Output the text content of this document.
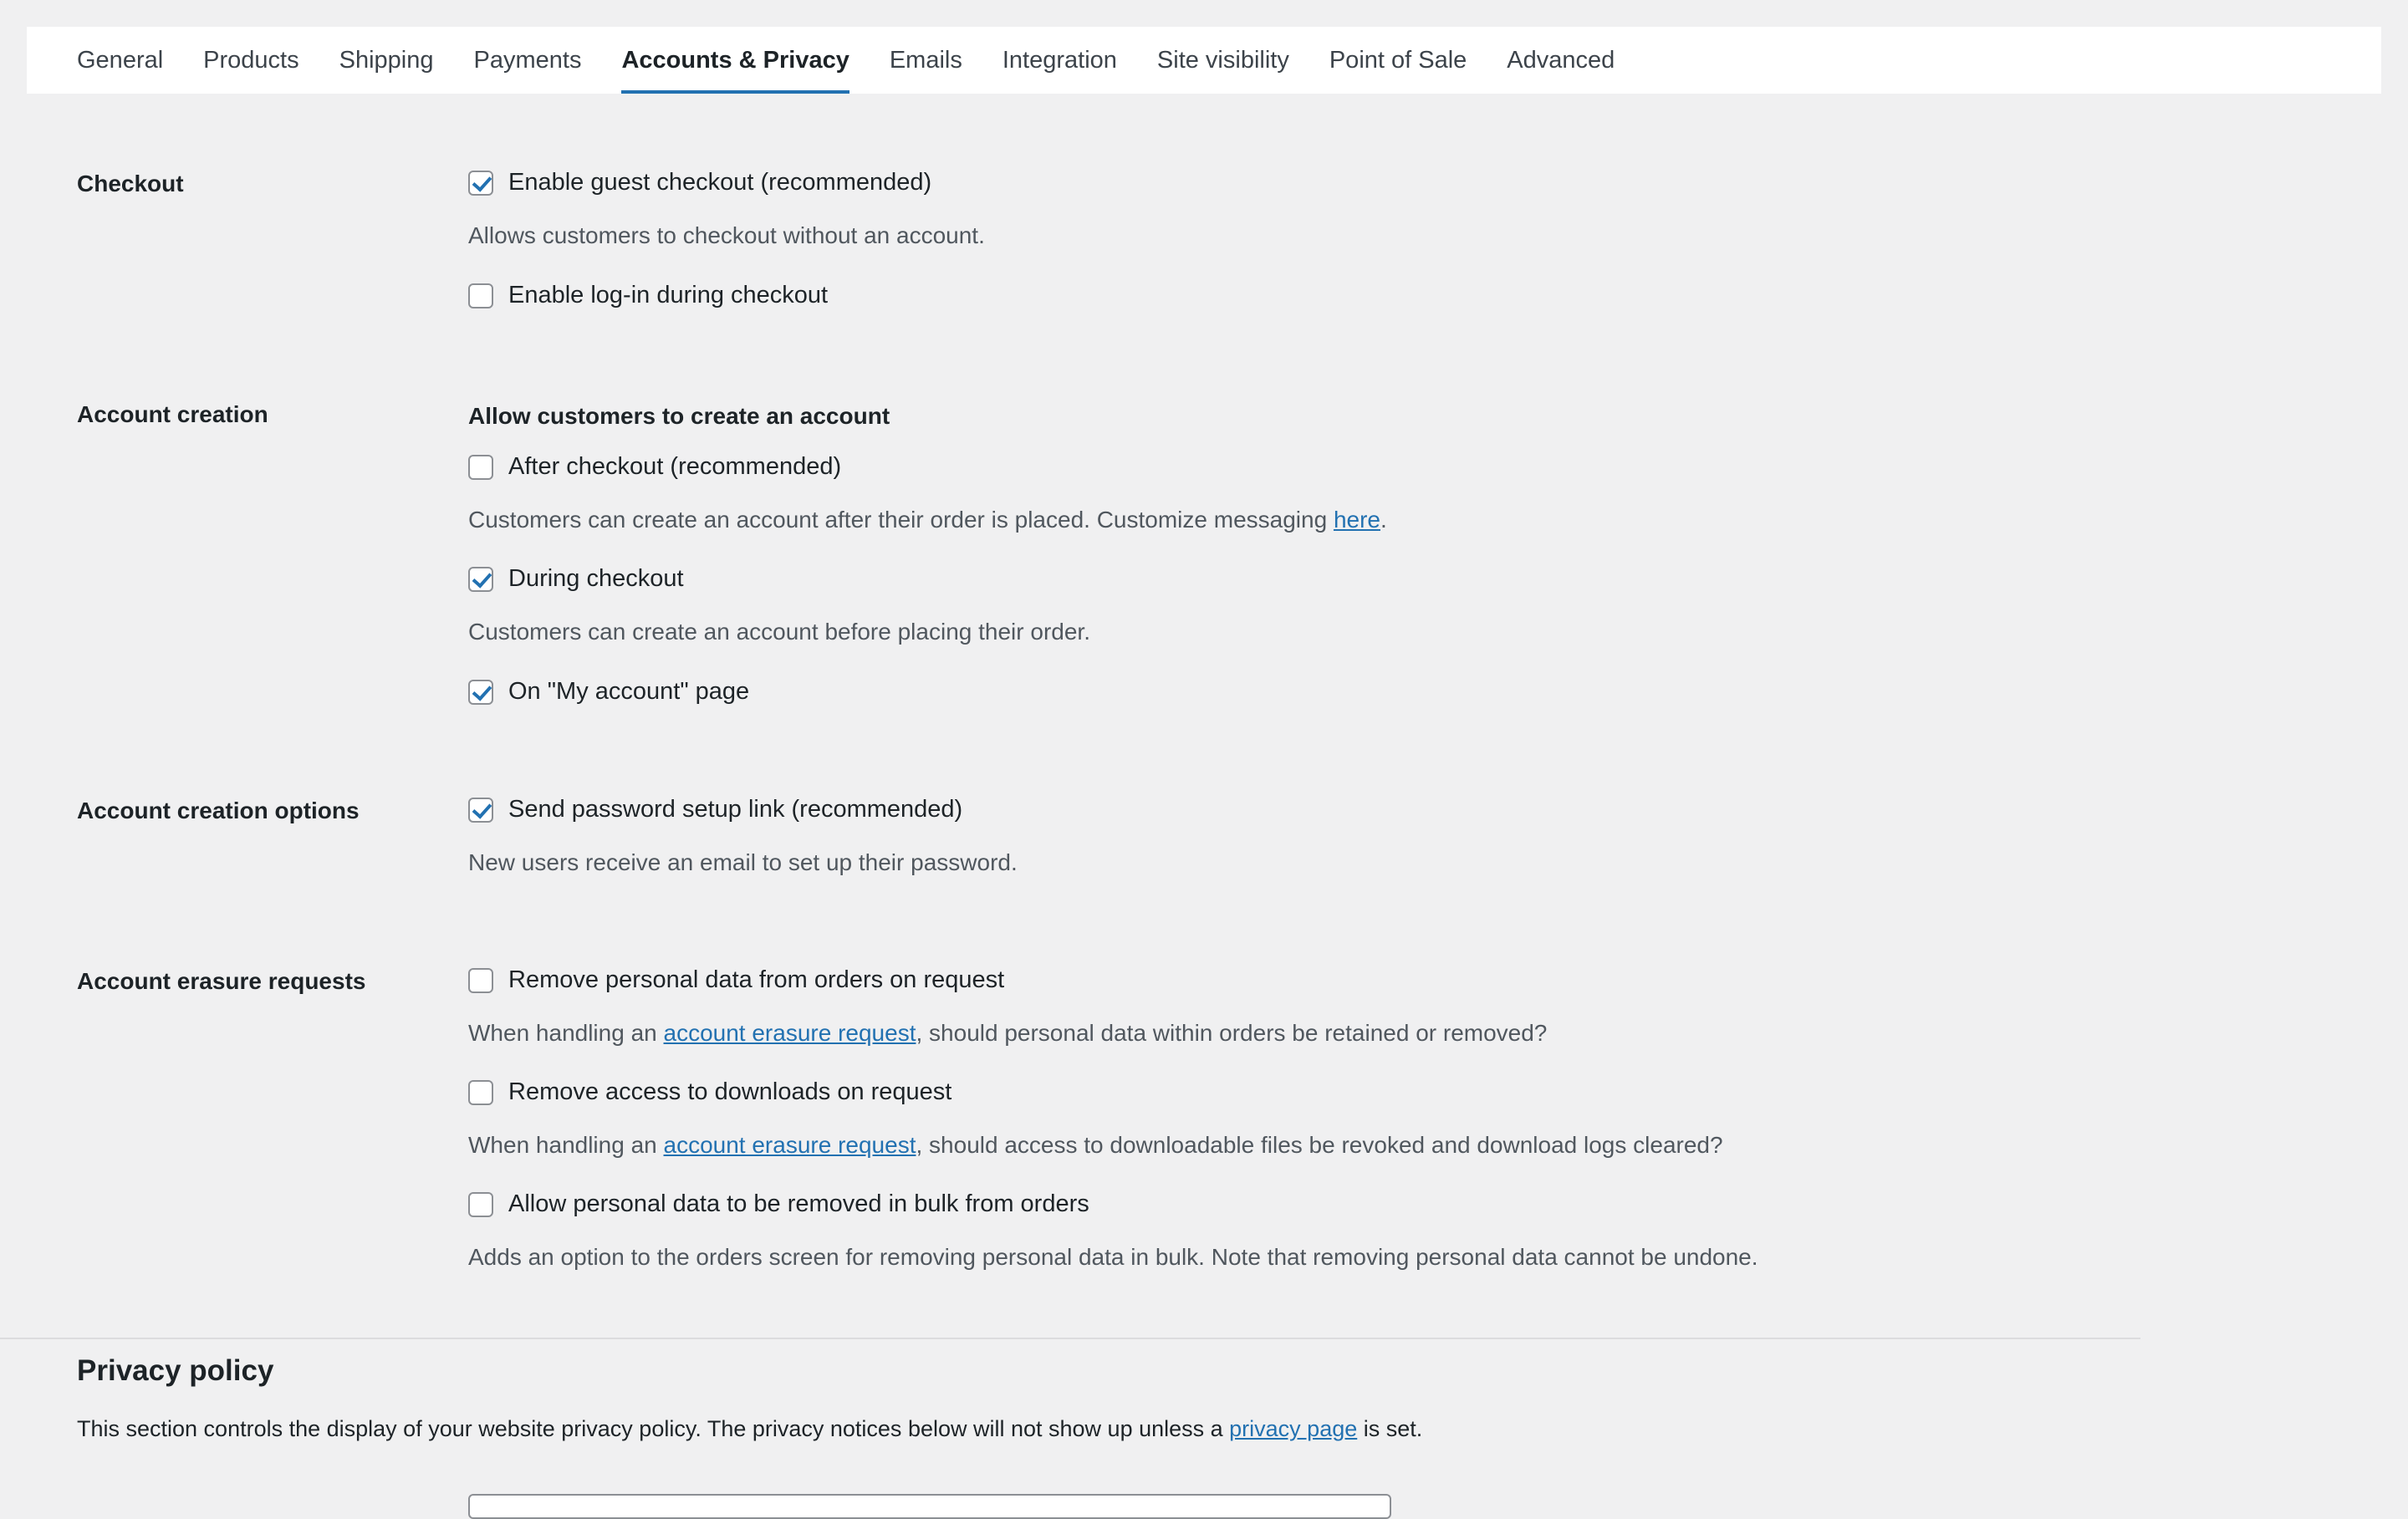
General Products Shipping Payments Accounts & Privacy Emails Integration Site visibility Point of Sale Advanced
Checkout	Enable guest checkout (recommended)
Allows customers to checkout without an account.
Enable log-in during checkout
Account creation	Allow customers to create an account
After checkout (recommended)
Customers can create an account after their order is placed. Customize messaging here.
During checkout
Customers can create an account before placing their order.
On "My account" page
Account creation options	Send password setup link (recommended)
New users receive an email to set up their password.
Account erasure requests	Remove personal data from orders on request
When handling an account erasure request, should personal data within orders be retained or removed?
Remove access to downloads on request
When handling an account erasure request, should access to downloadable files be revoked and download logs cleared?
Allow personal data to be removed in bulk from orders
Adds an option to the orders screen for removing personal data in bulk. Note that removing personal data cannot be undone.
Privacy policy
This section controls the display of your website privacy policy. The privacy notices below will not show up unless a privacy page is set.
